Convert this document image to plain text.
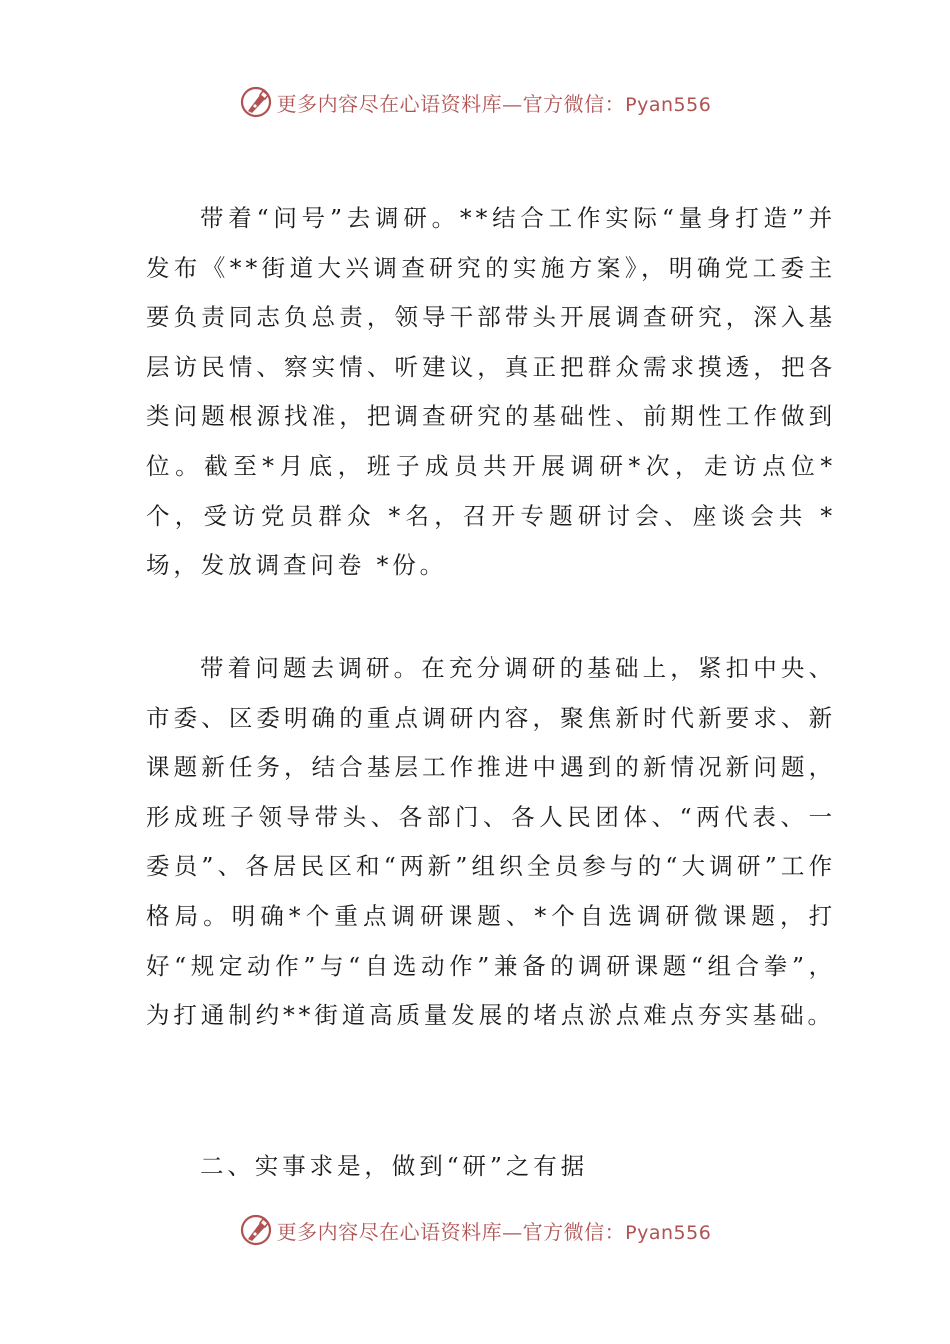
更多内容尽在心语资料库—官方微信：Pyan556

带着“问号”去调研。**结合工作实际“量身打造”并发布《**街道大兴调查研究的实施方案》，明确党工委主要负责同志负总责，领导干部带头开展调查研究，深入基层访民情、察实情、听建议，真正把群众需求摸透，把各类问题根源找准，把调查研究的基础性、前期性工作做到位。截至*月底，班子成员共开展调研*次，走访点位*个，受访党员群众 *名，召开专题研讨会、座谈会共 *场，发放调查问卷 *份。

带着问题去调研。在充分调研的基础上，紧扣中央、市委、区委明确的重点调研内容，聚焦新时代新要求、新课题新任务，结合基层工作推进中遇到的新情况新问题，形成班子领导带头、各部门、各人民团体、“两代表、一委员”、各居民区和“两新”组织全员参与的“大调研”工作格局。明确*个重点调研课题、*个自选调研微课题，打好“规定动作”与“自选动作”兼备的调研课题“组合拳”，为打通制约**街道高质量发展的堵点淤点难点夯实基础。

二、实事求是，做到“研”之有据

更多内容尽在心语资料库—官方微信：Pyan556
